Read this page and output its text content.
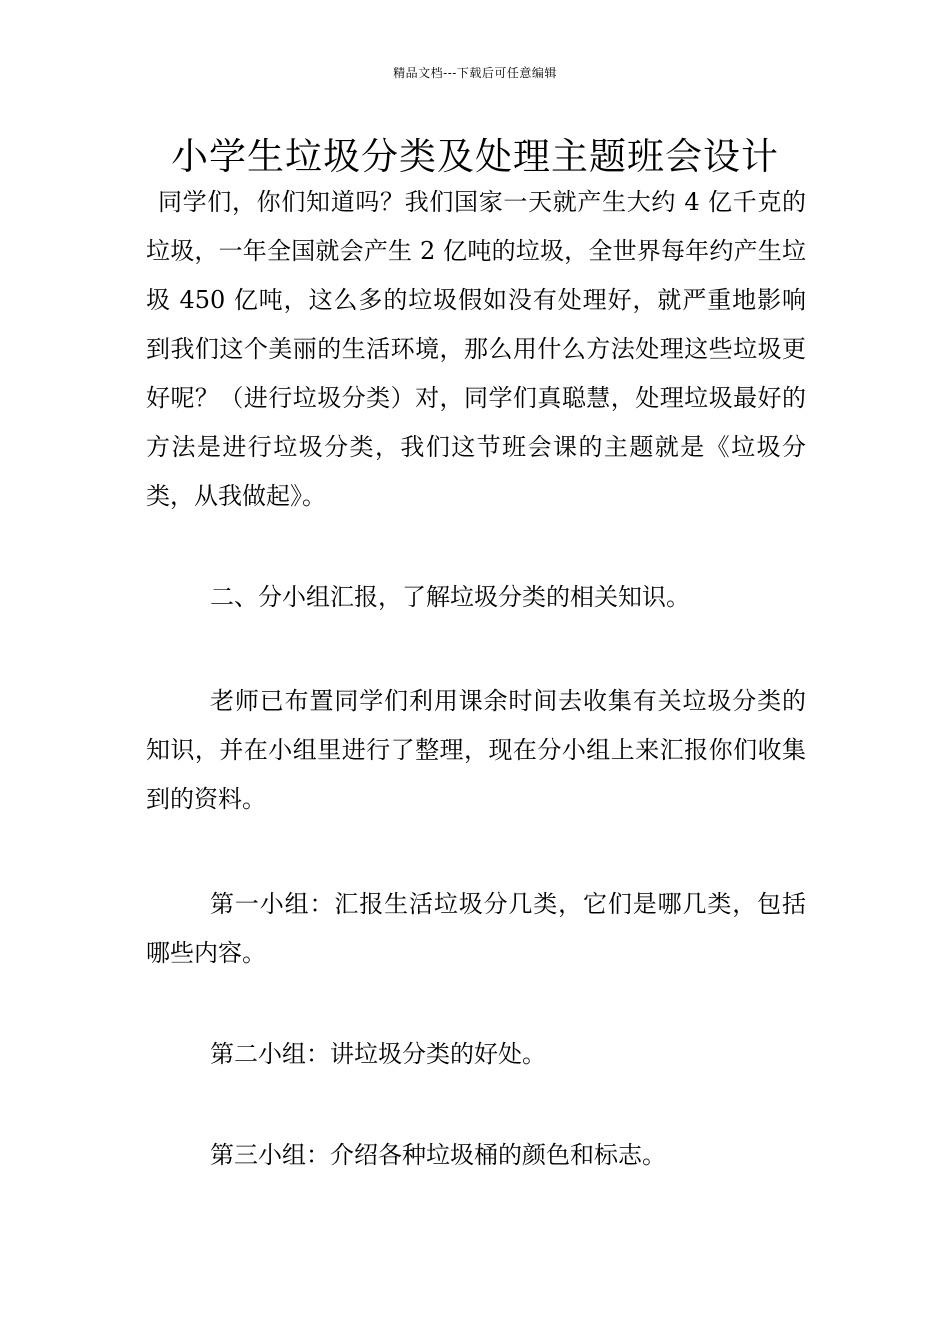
精品文档---下载后可任意编辑
小学生垃圾分类及处理主题班会设计

同学们，你们知道吗？我们国家一天就产生大约 4 亿千克的垃圾，一年全国就会产生 2 亿吨的垃圾，全世界每年约产生垃圾 450 亿吨，这么多的垃圾假如没有处理好，就严重地影响到我们这个美丽的生活环境，那么用什么方法处理这些垃圾更好呢？（进行垃圾分类）对，同学们真聪慧，处理垃圾最好的方法是进行垃圾分类，我们这节班会课的主题就是《垃圾分类，从我做起》。

二、分小组汇报，了解垃圾分类的相关知识。

老师已布置同学们利用课余时间去收集有关垃圾分类的知识，并在小组里进行了整理，现在分小组上来汇报你们收集到的资料。

第一小组：汇报生活垃圾分几类，它们是哪几类，包括哪些内容。

第二小组：讲垃圾分类的好处。

第三小组：介绍各种垃圾桶的颜色和标志。
